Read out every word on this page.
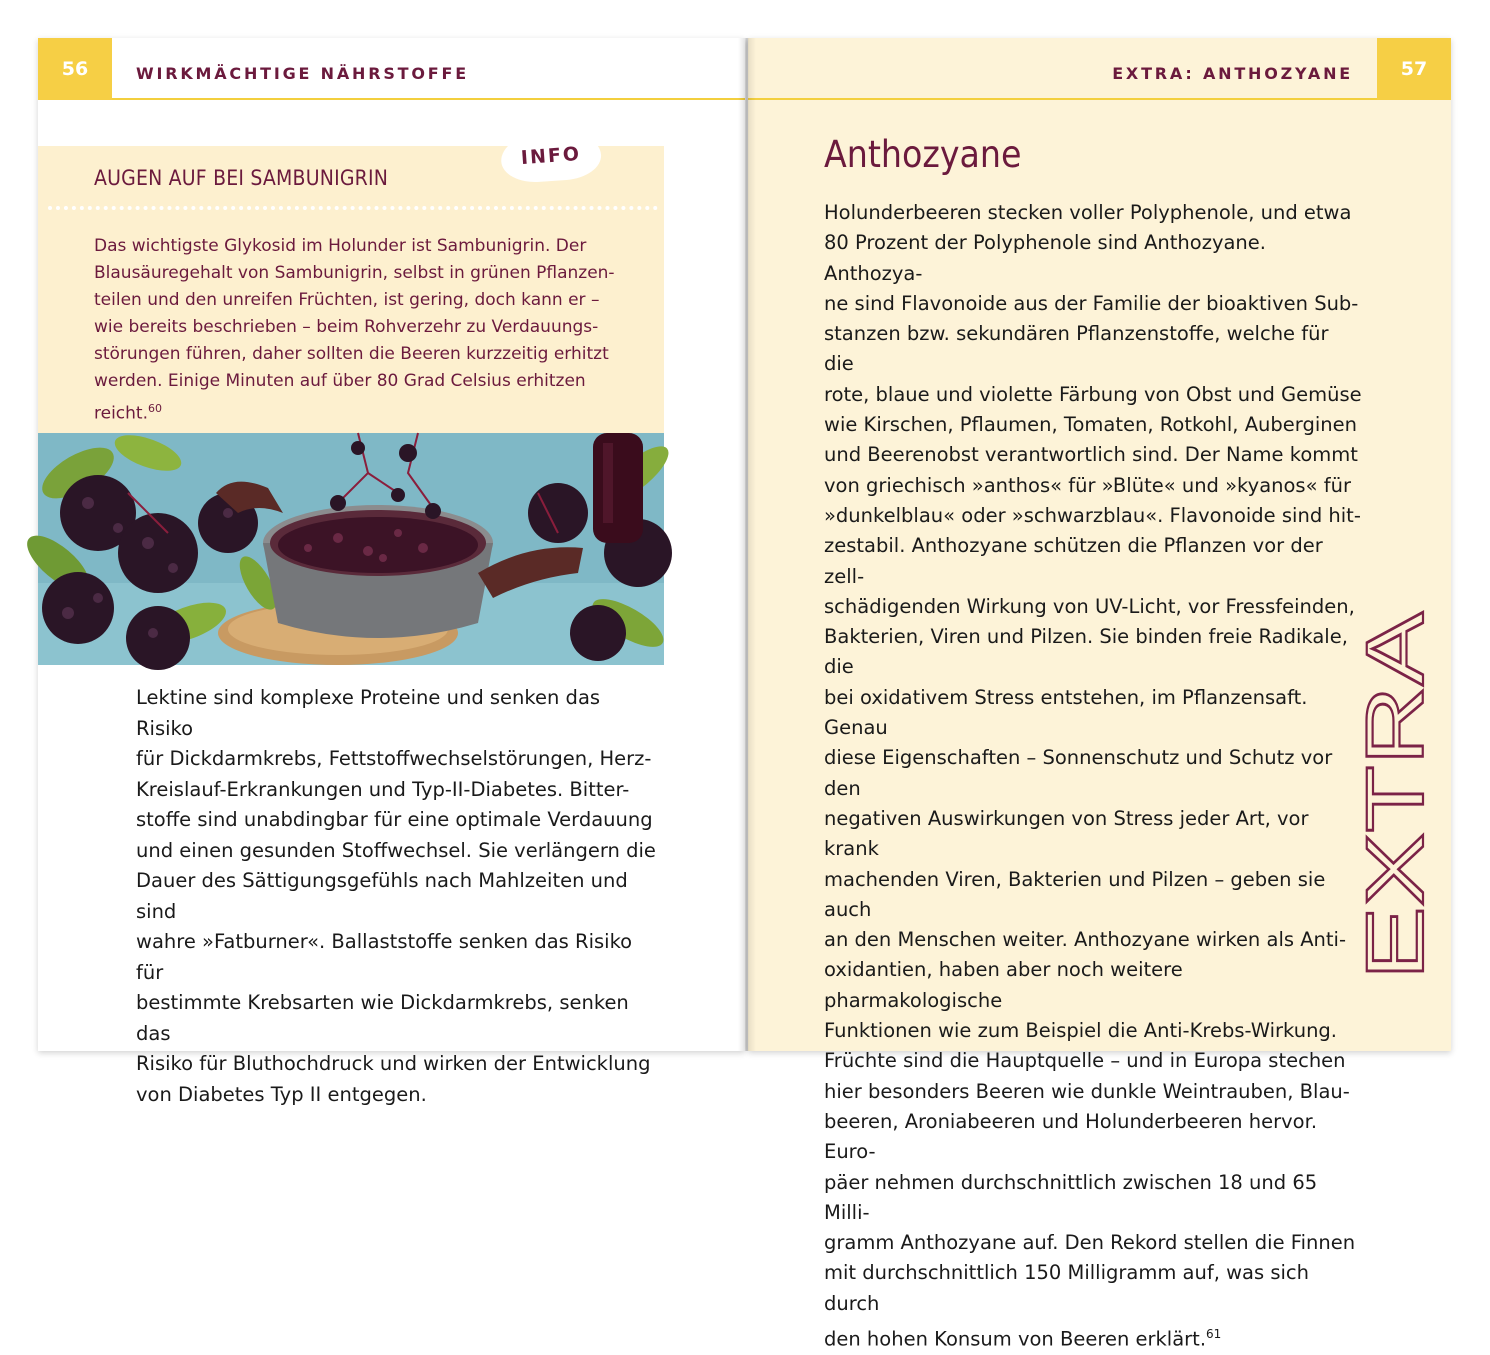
56	WIRKMÄCHTIGE NÄHRSTOFFE
INFO
AUGEN AUF BEI SAMBUNIGRIN
Das wichtigste Glykosid im Holunder ist Sambunigrin. Der
Blausäuregehalt von Sambunigrin, selbst in grünen Pflanzen-
teilen und den unreifen Früchten, ist gering, doch kann er –
wie bereits beschrieben – beim Rohverzehr zu Verdauungs-
störungen führen, daher sollten die Beeren kurzzeitig erhitzt
werden. Einige Minuten auf über 80 Grad Celsius erhitzen
reicht.$^{60}$
Lektine sind komplexe Proteine und senken das Risiko
für Dickdarmkrebs, Fettstoffwechselstörungen, Herz-
Kreislauf-Erkrankungen und Typ-II-Diabetes. Bitter-
stoffe sind unabdingbar für eine optimale Verdauung
und einen gesunden Stoffwechsel. Sie verlängern die
Dauer des Sättigungsgefühls nach Mahlzeiten und sind
wahre »Fatburner«. Ballaststoffe senken das Risiko für
bestimmte Krebsarten wie Dickdarmkrebs, senken das
Risiko für Bluthochdruck und wirken der Entwicklung
von Diabetes Typ II entgegen.
EXTRA: ANTHOZYANE	57
Anthozyane
Holunderbeeren stecken voller Polyphenole, und etwa
80 Prozent der Polyphenole sind Anthozyane. Anthozya-
ne sind Flavonoide aus der Familie der bioaktiven Sub-
stanzen bzw. sekundären Pflanzenstoffe, welche für die
rote, blaue und violette Färbung von Obst und Gemüse
wie Kirschen, Pflaumen, Tomaten, Rotkohl, Auberginen
und Beerenobst verantwortlich sind. Der Name kommt
von griechisch »anthos« für »Blüte« und »kyanos« für
»dunkelblau« oder »schwarzblau«. Flavonoide sind hit-
zestabil. Anthozyane schützen die Pflanzen vor der zell-
schädigenden Wirkung von UV-Licht, vor Fressfeinden,
Bakterien, Viren und Pilzen. Sie binden freie Radikale, die
bei oxidativem Stress entstehen, im Pflanzensaft. Genau
diese Eigenschaften – Sonnenschutz und Schutz vor den
negativen Auswirkungen von Stress jeder Art, vor krank
machenden Viren, Bakterien und Pilzen – geben sie auch
an den Menschen weiter. Anthozyane wirken als Anti-
oxidantien, haben aber noch weitere pharmakologische
Funktionen wie zum Beispiel die Anti-Krebs-Wirkung.
Früchte sind die Hauptquelle – und in Europa stechen
hier besonders Beeren wie dunkle Weintrauben, Blau-
beeren, Aroniabeeren und Holunderbeeren hervor. Euro-
päer nehmen durchschnittlich zwischen 18 und 65 Milli-
gramm Anthozyane auf. Den Rekord stellen die Finnen
mit durchschnittlich 150 Milligramm auf, was sich durch
den hohen Konsum von Beeren erklärt.$^{61}$
EXTRA
